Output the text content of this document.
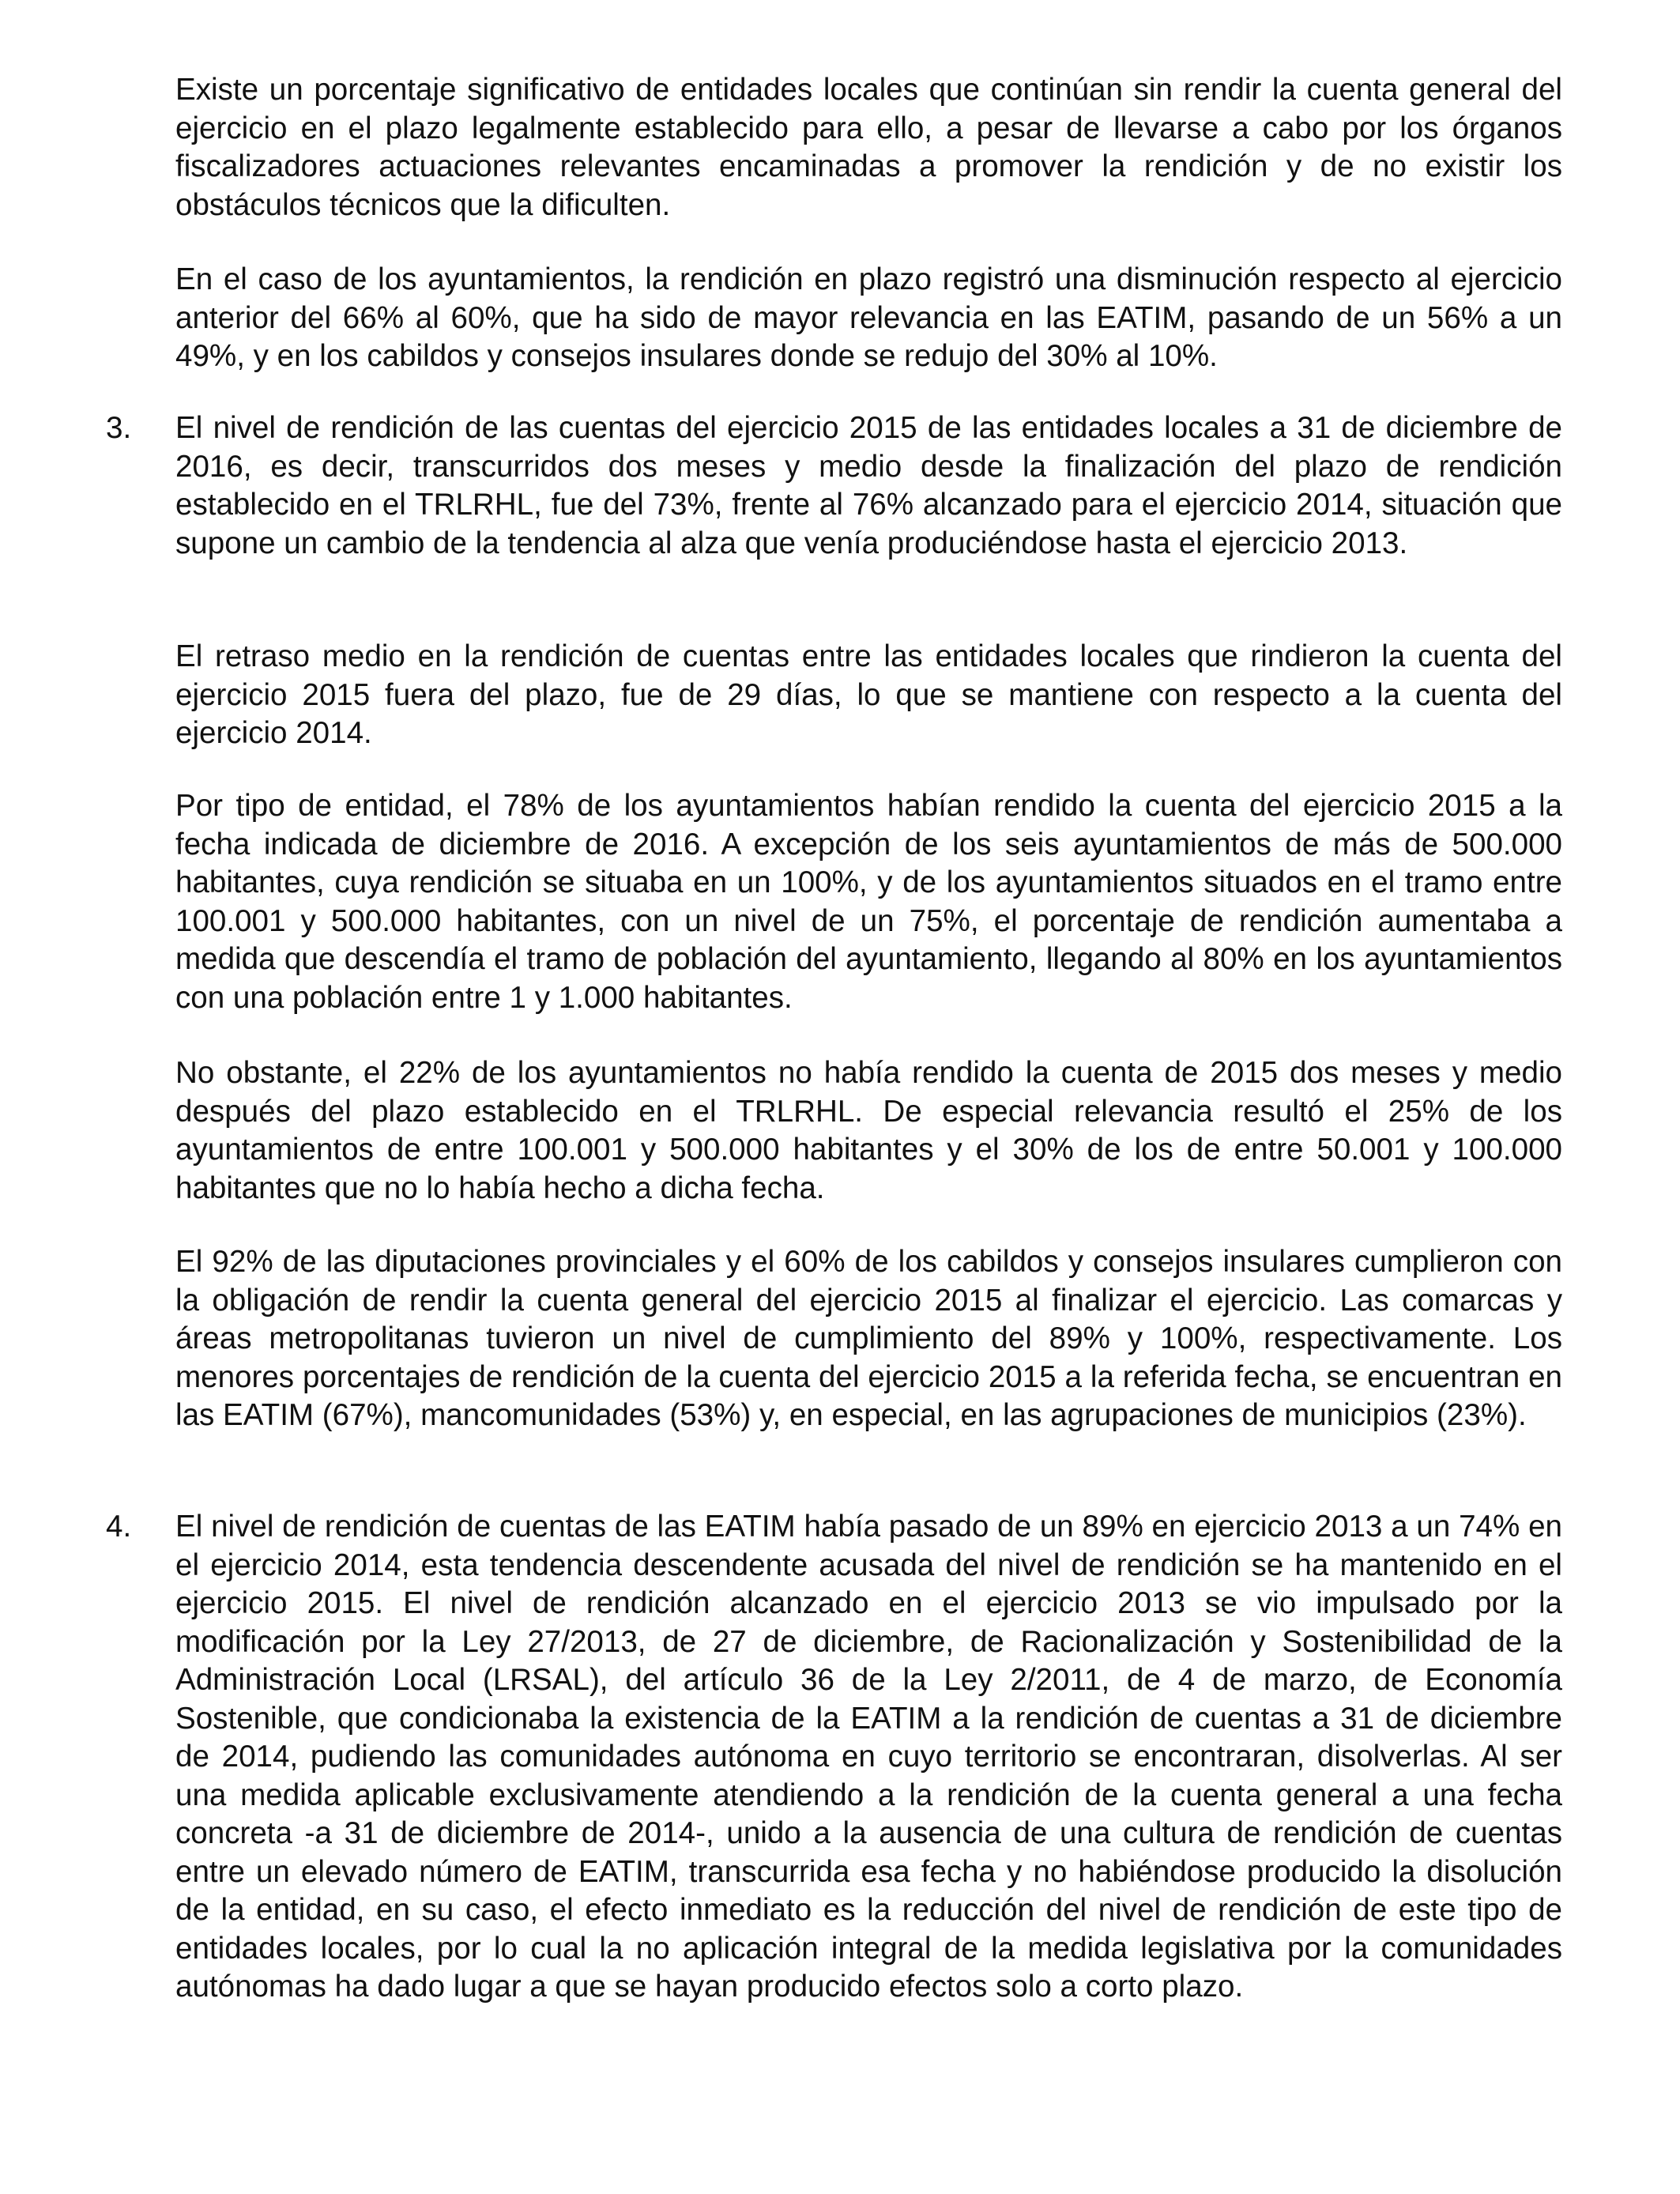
Existe un porcentaje significativo de entidades locales que continúan sin rendir la cuenta general del ejercicio en el plazo legalmente establecido para ello, a pesar de llevarse a cabo por los órganos fiscalizadores actuaciones relevantes encaminadas a promover la rendición y de no existir los obstáculos técnicos que la dificulten.

En el caso de los ayuntamientos, la rendición en plazo registró una disminución respecto al ejercicio anterior del 66% al 60%, que ha sido de mayor relevancia en las EATIM, pasando de un 56% a un 49%, y en los cabildos y consejos insulares donde se redujo del 30% al 10%.

3. El nivel de rendición de las cuentas del ejercicio 2015 de las entidades locales a 31 de diciembre de 2016, es decir, transcurridos dos meses y medio desde la finalización del plazo de rendición establecido en el TRLRHL, fue del 73%, frente al 76% alcanzado para el ejercicio 2014, situación que supone un cambio de la tendencia al alza que venía produciéndose hasta el ejercicio 2013.

El retraso medio en la rendición de cuentas entre las entidades locales que rindieron la cuenta del ejercicio 2015 fuera del plazo, fue de 29 días, lo que se mantiene con respecto a la cuenta del ejercicio 2014.

Por tipo de entidad, el 78% de los ayuntamientos habían rendido la cuenta del ejercicio 2015 a la fecha indicada de diciembre de 2016. A excepción de los seis ayuntamientos de más de 500.000 habitantes, cuya rendición se situaba en un 100%, y de los ayuntamientos situados en el tramo entre 100.001 y 500.000 habitantes, con un nivel de un 75%, el porcentaje de rendición aumentaba a medida que descendía el tramo de población del ayuntamiento, llegando al 80% en los ayuntamientos con una población entre 1 y 1.000 habitantes.

No obstante, el 22% de los ayuntamientos no había rendido la cuenta de 2015 dos meses y medio después del plazo establecido en el TRLRHL. De especial relevancia resultó el 25% de los ayuntamientos de entre 100.001 y 500.000 habitantes y el 30% de los de entre 50.001 y 100.000 habitantes que no lo había hecho a dicha fecha.

El 92% de las diputaciones provinciales y el 60% de los cabildos y consejos insulares cumplieron con la obligación de rendir la cuenta general del ejercicio 2015 al finalizar el ejercicio. Las comarcas y áreas metropolitanas tuvieron un nivel de cumplimiento del 89% y 100%, respectivamente. Los menores porcentajes de rendición de la cuenta del ejercicio 2015 a la referida fecha, se encuentran en las EATIM (67%), mancomunidades (53%) y, en especial, en las agrupaciones de municipios (23%).

4. El nivel de rendición de cuentas de las EATIM había pasado de un 89% en ejercicio 2013 a un 74% en el ejercicio 2014, esta tendencia descendente acusada del nivel de rendición se ha mantenido en el ejercicio 2015. El nivel de rendición alcanzado en el ejercicio 2013 se vio impulsado por la modificación por la Ley 27/2013, de 27 de diciembre, de Racionalización y Sostenibilidad de la Administración Local (LRSAL), del artículo 36 de la Ley 2/2011, de 4 de marzo, de Economía Sostenible, que condicionaba la existencia de la EATIM a la rendición de cuentas a 31 de diciembre de 2014, pudiendo las comunidades autónoma en cuyo territorio se encontraran, disolverlas. Al ser una medida aplicable exclusivamente atendiendo a la rendición de la cuenta general a una fecha concreta -a 31 de diciembre de 2014-, unido a la ausencia de una cultura de rendición de cuentas entre un elevado número de EATIM, transcurrida esa fecha y no habiéndose producido la disolución de la entidad, en su caso, el efecto inmediato es la reducción del nivel de rendición de este tipo de entidades locales, por lo cual la no aplicación integral de la medida legislativa por la comunidades autónomas ha dado lugar a que se hayan producido efectos solo a corto plazo.
